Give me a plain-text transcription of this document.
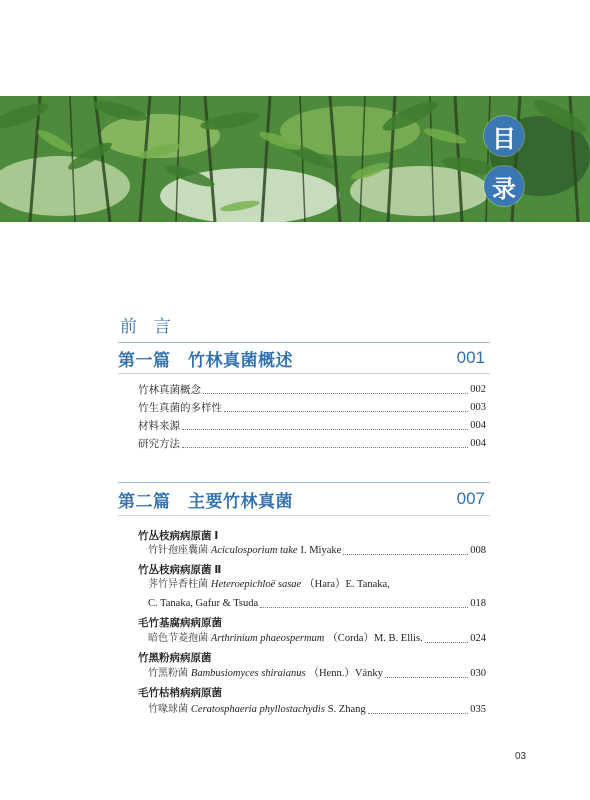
目
录
前 言
第一篇　竹林真菌概述	001
竹林真菌概念	002
竹生真菌的多样性	003
材料来源	004
研究方法	004
第二篇　主要竹林真菌	007
竹丛枝病病原菌 Ⅰ
竹针孢座囊菌 Aciculosporium take I. Miyake	008
竹丛枝病病原菌 Ⅱ
荠竹异香柱菌 Heteroepichloë sasae （Hara）E. Tanaka,
C. Tanaka, Gafur & Tsuda	018
毛竹基腐病病原菌
暗色节菱孢菌 Arthrinium phaeospermum （Corda）M. B. Ellis.	024
竹黑粉病病原菌
竹黑粉菌 Bambusiomyces shiraianus （Henn.）Vánky	030
毛竹枯梢病病原菌
竹喙球菌 Ceratosphaeria phyllostachydis S. Zhang	035
03
